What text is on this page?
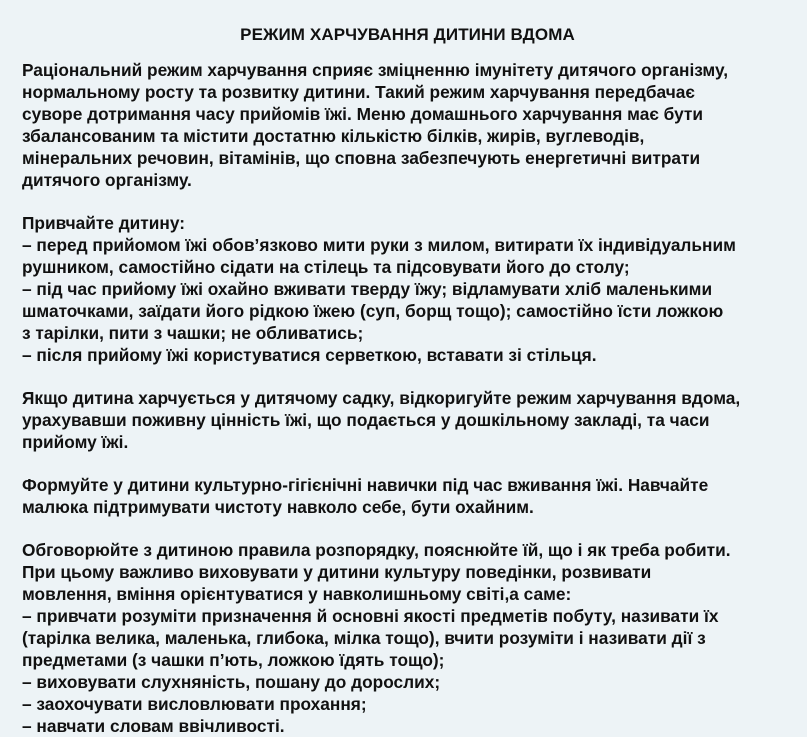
РЕЖИМ ХАРЧУВАННЯ ДИТИНИ ВДОМА

Раціональний режим харчування сприяє зміцненню імунітету дитячого організму,
нормальному росту та розвитку дитини. Такий режим харчування передбачає
суворе дотримання часу прийомів їжі. Меню домашнього харчування має бути
збалансованим та містити достатню кількістю білків, жирів, вуглеводів,
мінеральних речовин, вітамінів, що сповна забезпечують енергетичні витрати
дитячого організму.

Привчайте дитину:
– перед прийомом їжі обов’язково мити руки з милом, витирати їх індивідуальним
рушником, самостійно сідати на стілець та підсовувати його до столу;
– під час прийому їжі охайно вживати тверду їжу; відламувати хліб маленькими
шматочками, заїдати його рідкою їжею (суп, борщ тощо); самостійно їсти ложкою
з тарілки, пити з чашки; не обливатись;
– після прийому їжі користуватися серветкою, вставати зі стільця.

Якщо дитина харчується у дитячому садку, відкоригуйте режим харчування вдома,
урахувавши поживну цінність їжі, що подається у дошкільному закладі, та часи
прийому їжі.

Формуйте у дитини культурно-гігієнічні навички під час вживання їжі. Навчайте
малюка підтримувати чистоту навколо себе, бути охайним.

Обговорюйте з дитиною правила розпорядку, пояснюйте їй, що і як треба робити.
При цьому важливо виховувати у дитини культуру поведінки, розвивати
мовлення, вміння орієнтуватися у навколишньому світі,а саме:
– привчати розуміти призначення й основні якості предметів побуту, називати їх
(тарілка велика, маленька, глибока, мілка тощо), вчити розуміти і називати дії з
предметами (з чашки п’ють, ложкою їдять тощо);
– виховувати слухняність, пошану до дорослих;
– заохочувати висловлювати прохання;
– навчати словам ввічливості.
